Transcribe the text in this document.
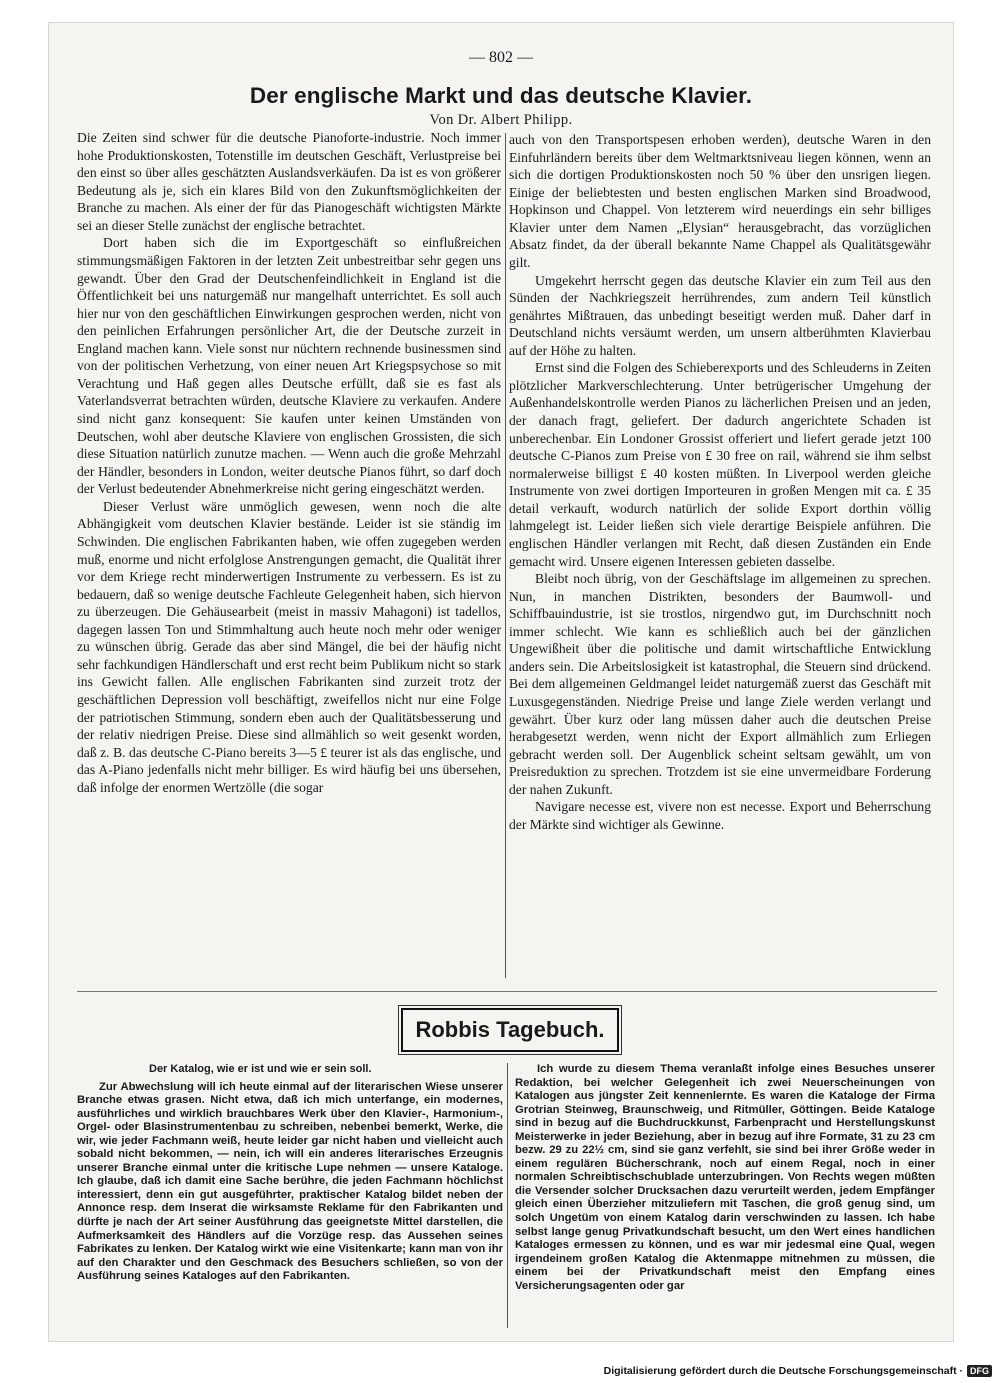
— 802 —
Der englische Markt und das deutsche Klavier.
Von Dr. Albert Philipp.

Die Zeiten sind schwer für die deutsche Pianoforte-industrie. Noch immer hohe Produktionskosten, Totenstille im deutschen Geschäft, Verlustpreise bei den einst so über alles geschätzten Auslandsverkäufen. Da ist es von größerer Bedeutung als je, sich ein klares Bild von den Zukunftsmöglichkeiten der Branche zu machen. Als einer der für das Pianogeschäft wichtigsten Märkte sei an dieser Stelle zunächst der englische betrachtet.

Dort haben sich die im Exportgeschäft so einflußreichen stimmungsmäßigen Faktoren in der letzten Zeit unbestreitbar sehr gegen uns gewandt. Über den Grad der Deutschenfeindlichkeit in England ist die Öffentlichkeit bei uns naturgemäß nur mangelhaft unterrichtet. Es soll auch hier nur von den geschäftlichen Einwirkungen gesprochen werden, nicht von den peinlichen Erfahrungen persönlicher Art, die der Deutsche zurzeit in England machen kann. Viele sonst nur nüchtern rechnende businessmen sind von der politischen Verhetzung, von einer neuen Art Kriegspsychose so mit Verachtung und Haß gegen alles Deutsche erfüllt, daß sie es fast als Vaterlandsverrat betrachten würden, deutsche Klaviere zu verkaufen. Andere sind nicht ganz konsequent: Sie kaufen unter keinen Umständen von Deutschen, wohl aber deutsche Klaviere von englischen Grossisten, die sich diese Situation natürlich zunutze machen. — Wenn auch die große Mehrzahl der Händler, besonders in London, weiter deutsche Pianos führt, so darf doch der Verlust bedeutender Abnehmerkreise nicht gering eingeschätzt werden.

Dieser Verlust wäre unmöglich gewesen, wenn noch die alte Abhängigkeit vom deutschen Klavier bestände. Leider ist sie ständig im Schwinden. Die englischen Fabrikanten haben, wie offen zugegeben werden muß, enorme und nicht erfolglose Anstrengungen gemacht, die Qualität ihrer vor dem Kriege recht minderwertigen Instrumente zu verbessern. Es ist zu bedauern, daß so wenige deutsche Fachleute Gelegenheit haben, sich hiervon zu überzeugen. Die Gehäusearbeit (meist in massiv Mahagoni) ist tadellos, dagegen lassen Ton und Stimmhaltung auch heute noch mehr oder weniger zu wünschen übrig. Gerade das aber sind Mängel, die bei der häufig nicht sehr fachkundigen Händlerschaft und erst recht beim Publikum nicht so stark ins Gewicht fallen. Alle englischen Fabrikanten sind zurzeit trotz der geschäftlichen Depression voll beschäftigt, zweifellos nicht nur eine Folge der patriotischen Stimmung, sondern eben auch der Qualitätsbesserung und der relativ niedrigen Preise. Diese sind allmählich so weit gesenkt worden, daß z. B. das deutsche C-Piano bereits 3—5 £ teurer ist als das englische, und das A-Piano jedenfalls nicht mehr billiger. Es wird häufig bei uns übersehen, daß infolge der enormen Wertzölle (die sogar

auch von den Transportspesen erhoben werden), deutsche Waren in den Einfuhrländern bereits über dem Weltmarktsniveau liegen können, wenn an sich die dortigen Produktionskosten noch 50 % über den unsrigen liegen. Einige der beliebtesten und besten englischen Marken sind Broadwood, Hopkinson und Chappel. Von letzterem wird neuerdings ein sehr billiges Klavier unter dem Namen „Elysian“ herausgebracht, das vorzüglichen Absatz findet, da der überall bekannte Name Chappel als Qualitätsgewähr gilt.

Umgekehrt herrscht gegen das deutsche Klavier ein zum Teil aus den Sünden der Nachkriegszeit herrührendes, zum andern Teil künstlich genährtes Mißtrauen, das unbedingt beseitigt werden muß. Daher darf in Deutschland nichts versäumt werden, um unsern altberühmten Klavierbau auf der Höhe zu halten.

Ernst sind die Folgen des Schieberexports und des Schleuderns in Zeiten plötzlicher Markverschlechterung. Unter betrügerischer Umgehung der Außenhandelskontrolle werden Pianos zu lächerlichen Preisen und an jeden, der danach fragt, geliefert. Der dadurch angerichtete Schaden ist unberechenbar. Ein Londoner Grossist offeriert und liefert gerade jetzt 100 deutsche C-Pianos zum Preise von £ 30 free on rail, während sie ihm selbst normalerweise billigst £ 40 kosten müßten. In Liverpool werden gleiche Instrumente von zwei dortigen Importeuren in großen Mengen mit ca. £ 35 detail verkauft, wodurch natürlich der solide Export dorthin völlig lahmgelegt ist. Leider ließen sich viele derartige Beispiele anführen. Die englischen Händler verlangen mit Recht, daß diesen Zuständen ein Ende gemacht wird. Unsere eigenen Interessen gebieten dasselbe.

Bleibt noch übrig, von der Geschäftslage im allgemeinen zu sprechen. Nun, in manchen Distrikten, besonders der Baumwoll- und Schiffbauindustrie, ist sie trostlos, nirgendwo gut, im Durchschnitt noch immer schlecht. Wie kann es schließlich auch bei der gänzlichen Ungewißheit über die politische und damit wirtschaftliche Entwicklung anders sein. Die Arbeitslosigkeit ist katastrophal, die Steuern sind drückend. Bei dem allgemeinen Geldmangel leidet naturgemäß zuerst das Geschäft mit Luxusgegenständen. Niedrige Preise und lange Ziele werden verlangt und gewährt. Über kurz oder lang müssen daher auch die deutschen Preise herabgesetzt werden, wenn nicht der Export allmählich zum Erliegen gebracht werden soll. Der Augenblick scheint seltsam gewählt, um von Preisreduktion zu sprechen. Trotzdem ist sie eine unvermeidbare Forderung der nahen Zukunft.

Navigare necesse est, vivere non est necesse. Export und Beherrschung der Märkte sind wichtiger als Gewinne.

Robbis Tagebuch.

Der Katalog, wie er ist und wie er sein soll.

Zur Abwechslung will ich heute einmal auf der literarischen Wiese unserer Branche etwas grasen. Nicht etwa, daß ich mich unterfange, ein modernes, ausführliches und wirklich brauchbares Werk über den Klavier-, Harmonium-, Orgel- oder Blasinstrumentenbau zu schreiben, nebenbei bemerkt, Werke, die wir, wie jeder Fachmann weiß, heute leider gar nicht haben und vielleicht auch sobald nicht bekommen, — nein, ich will ein anderes literarisches Erzeugnis unserer Branche einmal unter die kritische Lupe nehmen — unsere Kataloge. Ich glaube, daß ich damit eine Sache berühre, die jeden Fachmann höchlichst interessiert, denn ein gut ausgeführter, praktischer Katalog bildet neben der Annonce resp. dem Inserat die wirksamste Reklame für den Fabrikanten und dürfte je nach der Art seiner Ausführung das geeignetste Mittel darstellen, die Aufmerksamkeit des Händlers auf die Vorzüge resp. das Aussehen seines Fabrikates zu lenken. Der Katalog wirkt wie eine Visitenkarte; kann man von ihr auf den Charakter und den Geschmack des Besuchers schließen, so von der Ausführung seines Kataloges auf den Fabrikanten.

Ich wurde zu diesem Thema veranlaßt infolge eines Besuches unserer Redaktion, bei welcher Gelegenheit ich zwei Neuerscheinungen von Katalogen aus jüngster Zeit kennenlernte. Es waren die Kataloge der Firma Grotrian Steinweg, Braunschweig, und Ritmüller, Göttingen. Beide Kataloge sind in bezug auf die Buchdruckkunst, Farbenpracht und Herstellungskunst Meisterwerke in jeder Beziehung, aber in bezug auf ihre Formate, 31 zu 23 cm bezw. 29 zu 22½ cm, sind sie ganz verfehlt, sie sind bei ihrer Größe weder in einem regulären Bücherschrank, noch auf einem Regal, noch in einer normalen Schreibtischschublade unterzubringen. Von Rechts wegen müßten die Versender solcher Drucksachen dazu verurteilt werden, jedem Empfänger gleich einen Überzieher mitzuliefern mit Taschen, die groß genug sind, um solch Ungetüm von einem Katalog darin verschwinden zu lassen. Ich habe selbst lange genug Privatkundschaft besucht, um den Wert eines handlichen Kataloges ermessen zu können, und es war mir jedesmal eine Qual, wegen irgendeinem großen Katalog die Aktenmappe mitnehmen zu müssen, die einem bei der Privatkundschaft meist den Empfang eines Versicherungsagenten oder gar

Digitalisierung gefördert durch die Deutsche Forschungsgemeinschaft · DFG
